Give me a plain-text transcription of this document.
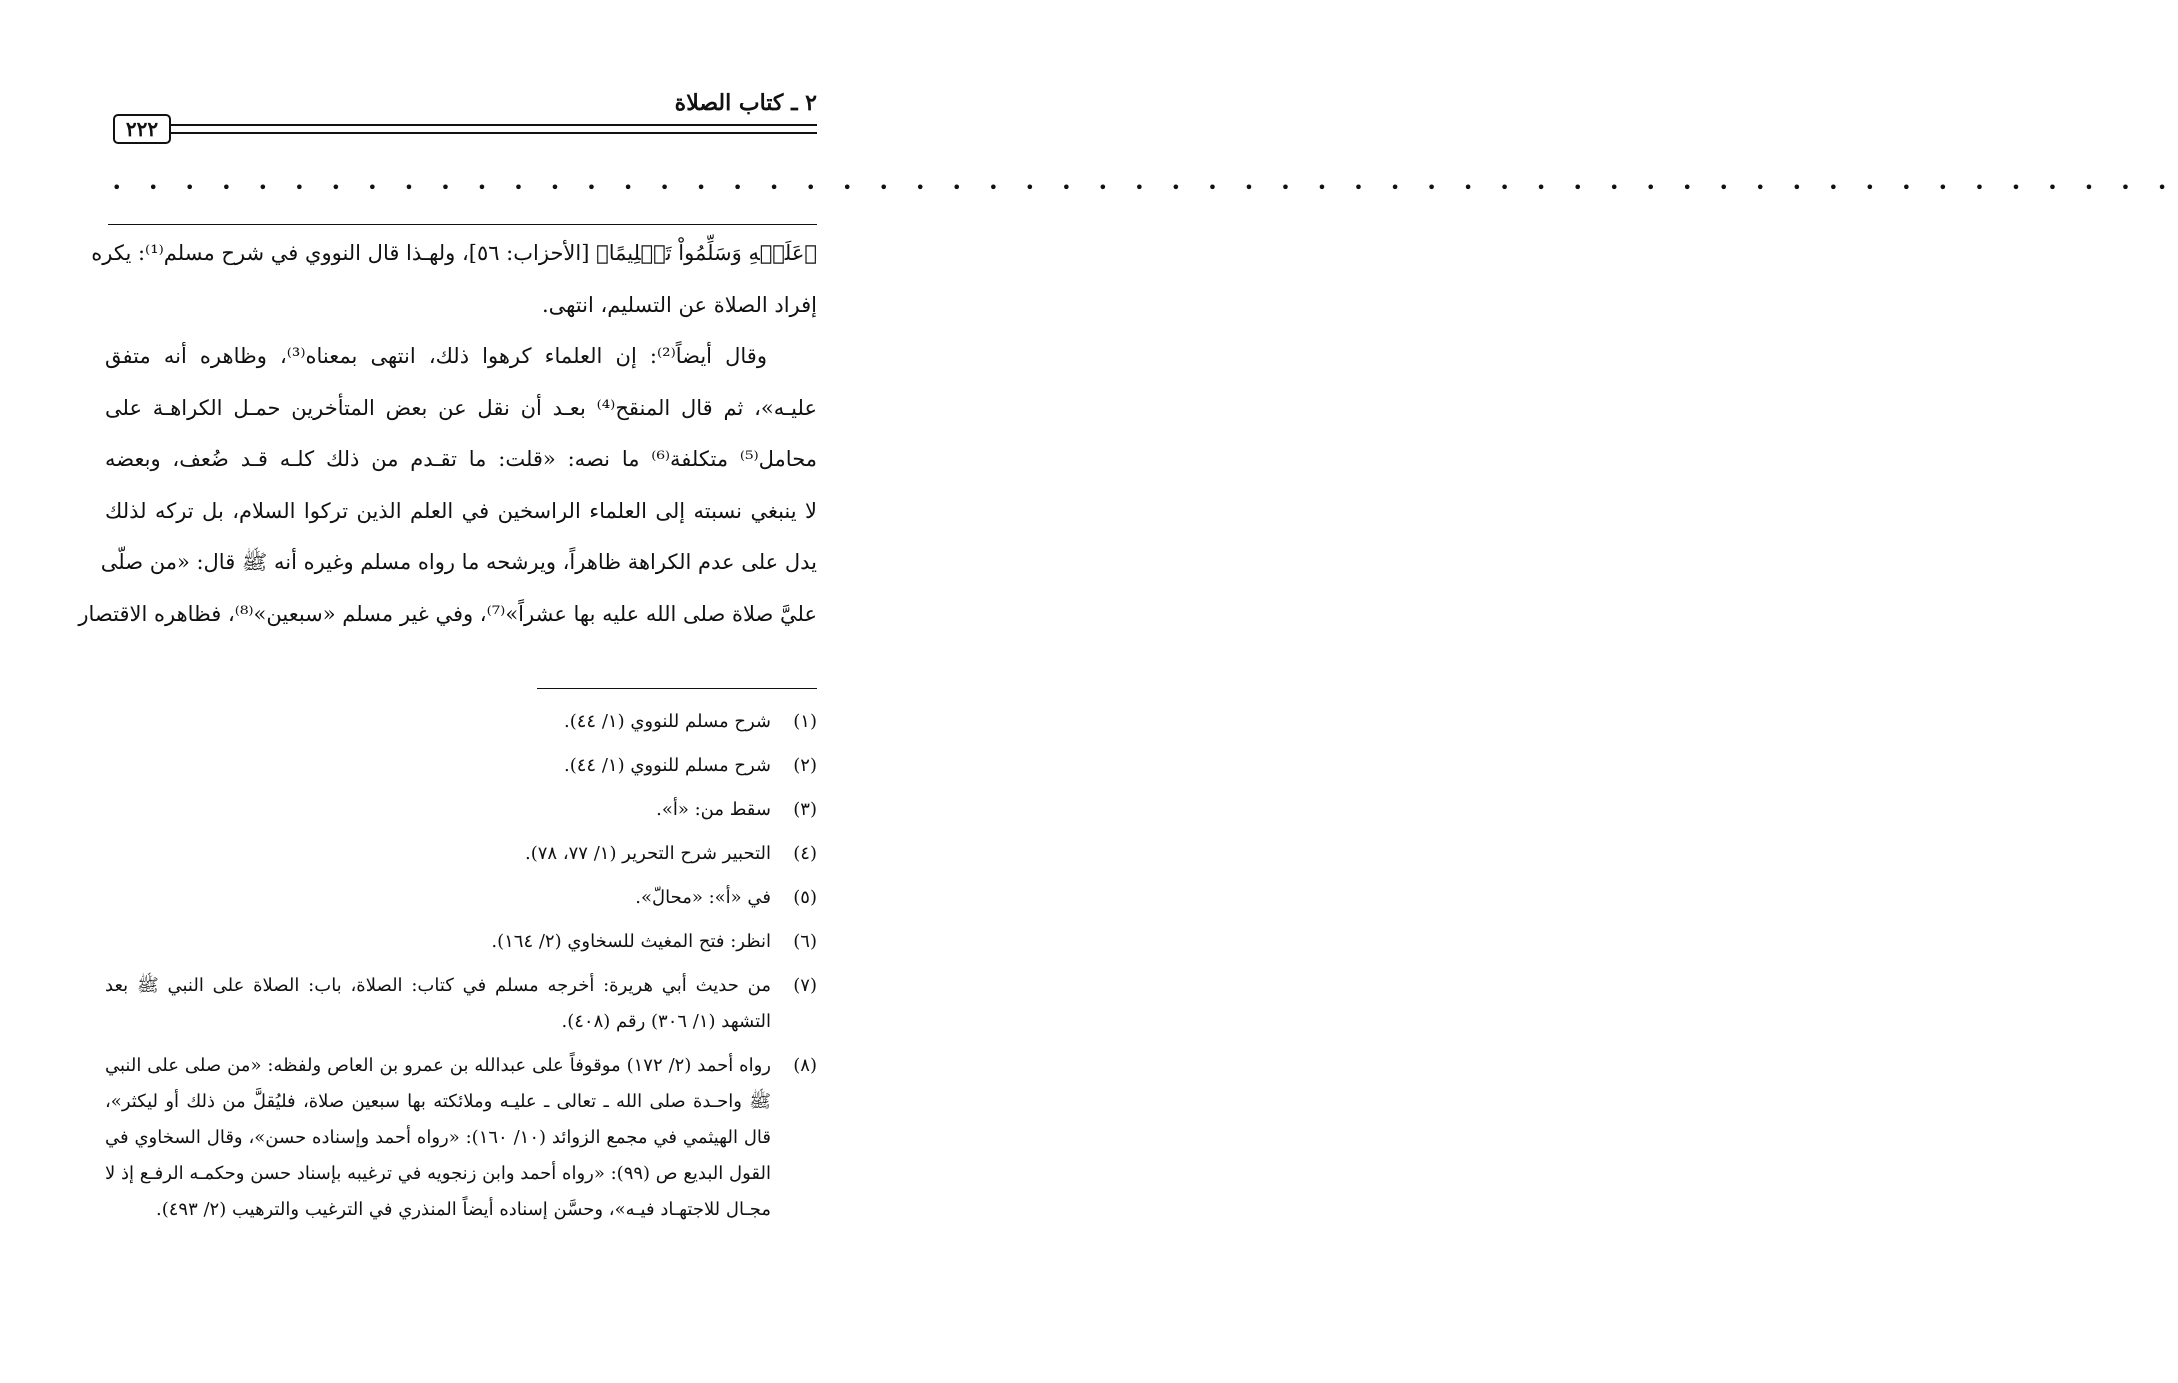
٢ ـ كتاب الصلاة
٢٢٢
• • • • • • • • • • • • • • • • • • • • • • • • • • • • • • • • • • • • • • • • • • • • • • • • • • • • • • • • •
﴿عَلَيۡهِ وَسَلِّمُواْ تَسۡلِيمًا﴾ [الأحزاب: ٥٦]، ولهـذا قال النووي في شرح مسلم⁽¹⁾: يكره
إفراد الصلاة عن التسليم، انتهى.
وقال أيضاً⁽²⁾: إن العلماء كرهوا ذلك، انتهى بمعناه⁽³⁾، وظاهره أنه متفق
عليـه»، ثم قال المنقح⁽⁴⁾ بعـد أن نقل عن بعض المتأخرين حمـل الكراهـة على
محامل⁽⁵⁾ متكلفة⁽⁶⁾ ما نصه: «قلت: ما تقـدم من ذلك كلـه قـد ضُعف، وبعضه
لا ينبغي نسبته إلى العلماء الراسخين في العلم الذين تركوا السلام، بل تركه لذلك
يدل على عدم الكراهة ظاهراً، ويرشحه ما رواه مسلم وغيره أنه ﷺ قال: «من صلّى
عليَّ صلاة صلى الله عليه بها عشراً»⁽⁷⁾، وفي غير مسلم «سبعين»⁽⁸⁾، فظاهره الاقتصار
(١)
شرح مسلم للنووي (١/ ٤٤).
(٢)
شرح مسلم للنووي (١/ ٤٤).
(٣)
سقط من: «أ».
(٤)
التحبير شرح التحرير (١/ ٧٧، ٧٨).
(٥)
في «أ»: «محالّ».
(٦)
انظر: فتح المغيث للسخاوي (٢/ ١٦٤).
(٧)
من حديث أبي هريرة: أخرجه مسلم في كتاب: الصلاة، باب: الصلاة على النبي ﷺ بعد التشهد (١/ ٣٠٦) رقم (٤٠٨).
(٨)
رواه أحمد (٢/ ١٧٢) موقوفاً على عبدالله بن عمرو بن العاص ولفظه: «من صلى على النبي ﷺ واحـدة صلى الله ـ تعالى ـ عليـه وملائكته بها سبعين صلاة، فليُقلَّ من ذلك أو ليكثر»، قال الهيثمي في مجمع الزوائد (١٠/ ١٦٠): «رواه أحمد وإسناده حسن»، وقال السخاوي في القول البديع ص (٩٩): «رواه أحمد وابن زنجويه في ترغيبه بإسناد حسن وحكمـه الرفـع إذ لا مجـال للاجتهـاد فيـه»، وحسَّن إسناده أيضاً المنذري في الترغيب والترهيب (٢/ ٤٩٣).
